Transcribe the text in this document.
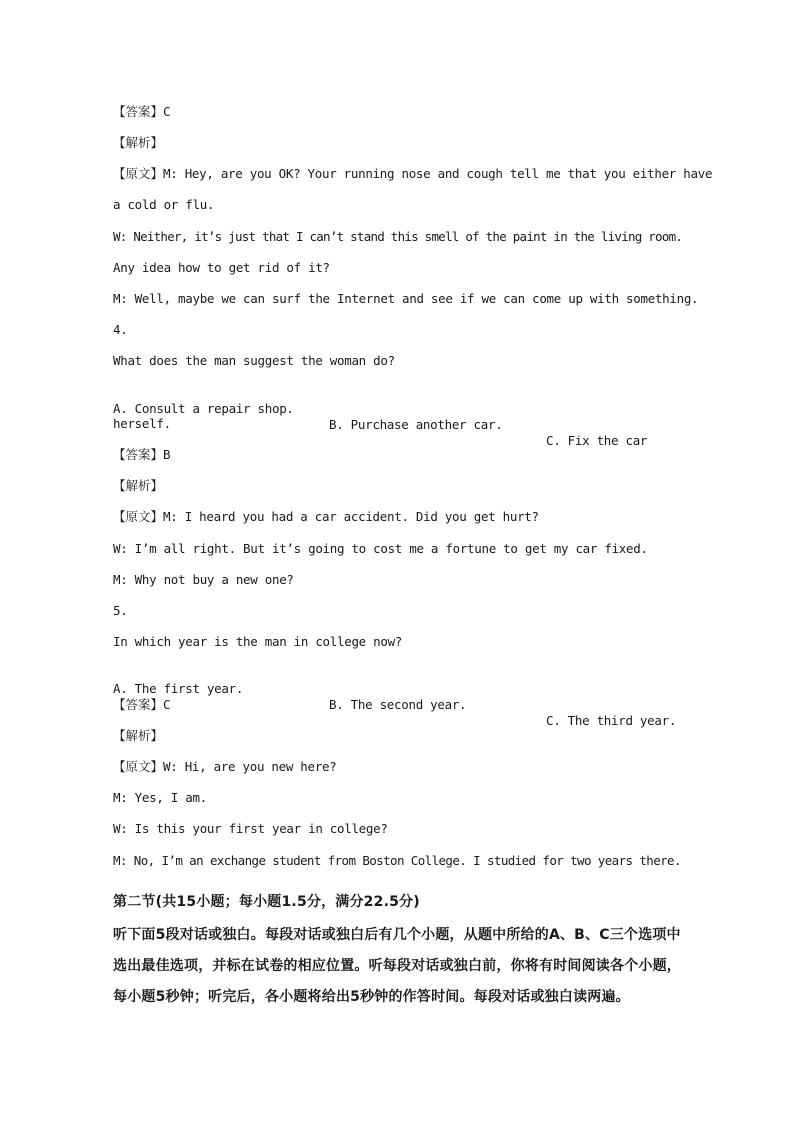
【答案】C
【解析】
【原文】M: Hey, are you OK? Your running nose and cough tell me that you either have
a cold or flu.
W: Neither, it’s just that I can’t stand this smell of the paint in the living room.
Any idea how to get rid of it?
M: Well, maybe we can surf the Internet and see if we can come up with something.
4.
What does the man suggest the woman do?

A. Consult a repair shop.

B. Purchase another car.

C. Fix the car

herself.
【答案】B
【解析】
【原文】M: I heard you had a car accident. Did you get hurt?
W: I’m all right. But it’s going to cost me a fortune to get my car fixed.
M: Why not buy a new one?
5.
In which year is the man in college now?

A. The first year.

B. The second year.

C. The third year.

【答案】C
【解析】
【原文】W: Hi, are you new here?
M: Yes, I am.
W: Is this your first year in college?
M: No, I’m an exchange student from Boston College. I studied for two years there.
第二节(共15小题；每小题1.5分，满分22.5分)
听下面5段对话或独白。每段对话或独白后有几个小题，从题中所给的A、B、C三个选项中
选出最佳选项，并标在试卷的相应位置。听每段对话或独白前，你将有时间阅读各个小题，
每小题5秒钟；听完后，各小题将给出5秒钟的作答时间。每段对话或独白读两遍。
